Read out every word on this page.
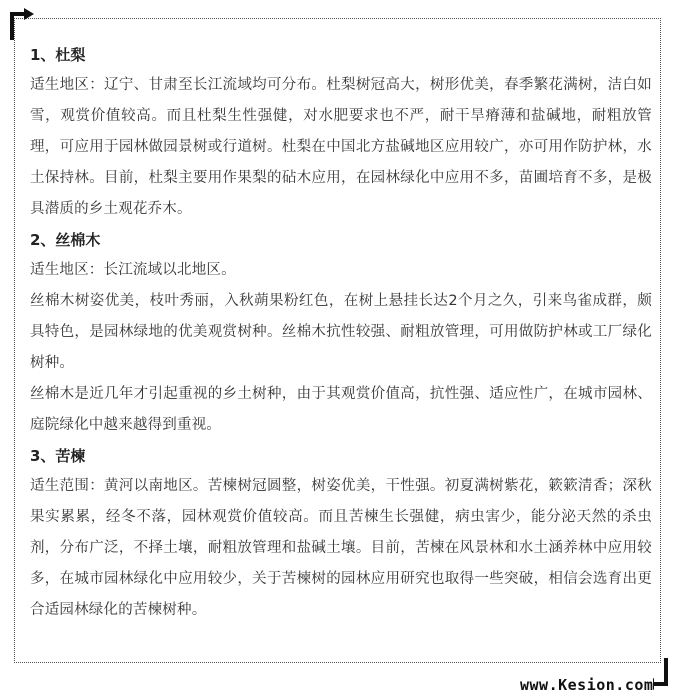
1、杜梨

适生地区：辽宁、甘肃至长江流域均可分布。杜梨树冠高大，树形优美，春季繁花满树，洁白如雪，观赏价值较高。而且杜梨生性强健，对水肥要求也不严，耐干旱瘠薄和盐碱地，耐粗放管理，可应用于园林做园景树或行道树。杜梨在中国北方盐碱地区应用较广，亦可用作防护林，水土保持林。目前，杜梨主要用作果梨的砧木应用，在园林绿化中应用不多，苗圃培育不多，是极具潜质的乡土观花乔木。

2、丝棉木

适生地区：长江流域以北地区。

丝棉木树姿优美，枝叶秀丽，入秋蒴果粉红色，在树上悬挂长达2个月之久，引来鸟雀成群，颇具特色，是园林绿地的优美观赏树种。丝棉木抗性较强、耐粗放管理，可用做防护林或工厂绿化树种。

丝棉木是近几年才引起重视的乡土树种，由于其观赏价值高，抗性强、适应性广，在城市园林、庭院绿化中越来越得到重视。

3、苦楝

适生范围：黄河以南地区。苦楝树冠圆整，树姿优美，干性强。初夏满树紫花，簌簌清香；深秋果实累累，经冬不落，园林观赏价值较高。而且苦楝生长强健，病虫害少，能分泌天然的杀虫剂，分布广泛，不择土壤，耐粗放管理和盐碱土壤。目前，苦楝在风景林和水土涵养林中应用较多，在城市园林绿化中应用较少，关于苦楝树的园林应用研究也取得一些突破，相信会选育出更合适园林绿化的苦楝树种。

www.Kesion.com
